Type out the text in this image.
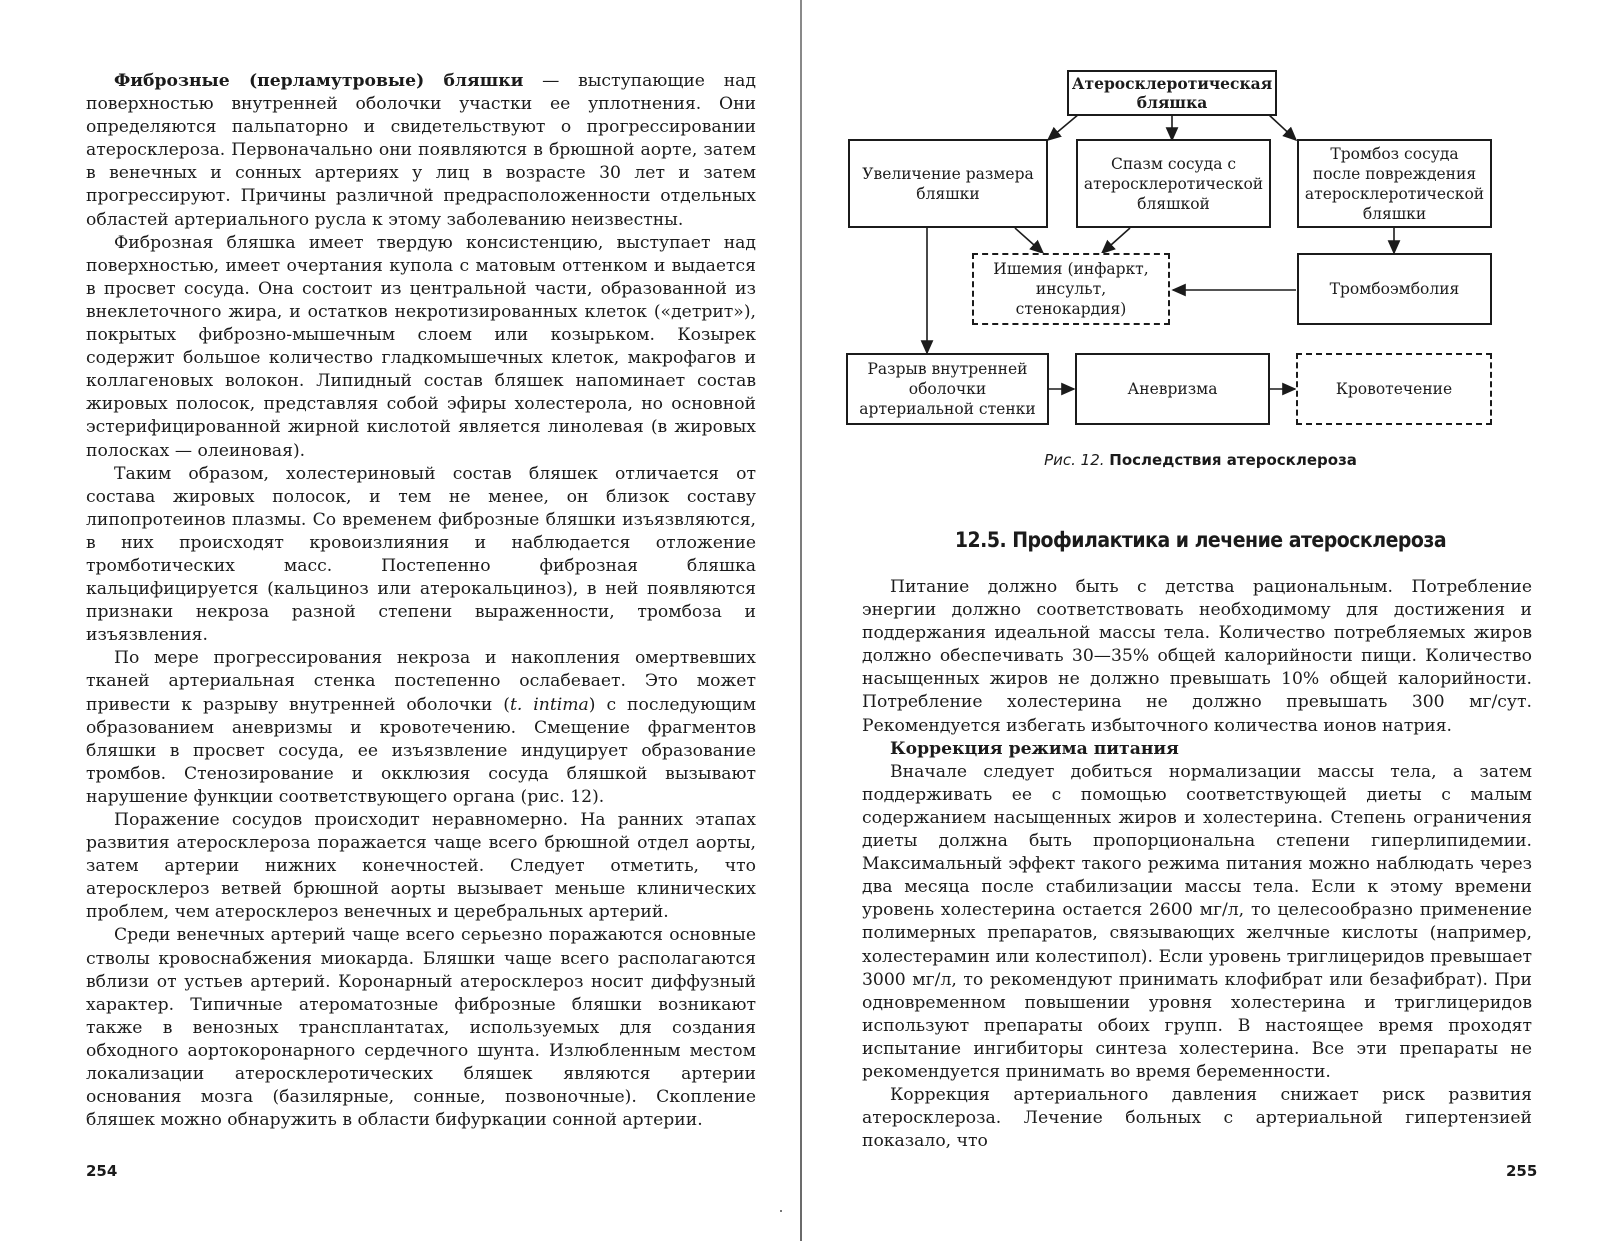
Фиброзные (перламутровые) бляшки — выступающие над поверхностью внутренней оболочки участки ее уплотнения. Они определяются пальпаторно и свидетельствуют о прогрессировании атеросклероза. Первоначально они появляются в брюшной аорте, затем в венечных и сонных артериях у лиц в возрасте 30 лет и затем прогрессируют. Причины различной предрасположенности отдельных областей артериального русла к этому заболеванию неизвестны.

Фиброзная бляшка имеет твердую консистенцию, выступает над поверхностью, имеет очертания купола с матовым оттенком и выдается в просвет сосуда. Она состоит из центральной части, образованной из внеклеточного жира, и остатков некротизированных клеток («детрит»), покрытых фиброзно-мышечным слоем или козырьком. Козырек содержит большое количество гладкомышечных клеток, макрофагов и коллагеновых волокон. Липидный состав бляшек напоминает состав жировых полосок, представляя собой эфиры холестерола, но основной эстерифицированной жирной кислотой является линолевая (в жировых полосках — олеиновая).

Таким образом, холестериновый состав бляшек отличается от состава жировых полосок, и тем не менее, он близок составу липопротеинов плазмы. Со временем фиброзные бляшки изъязвляются, в них происходят кровоизлияния и наблюдается отложение тромботических масс. Постепенно фиброзная бляшка кальцифицируется (кальциноз или атерокальциноз), в ней появляются признаки некроза разной степени выраженности, тромбоза и изъязвления.

По мере прогрессирования некроза и накопления омертвевших тканей артериальная стенка постепенно ослабевает. Это может привести к разрыву внутренней оболочки (t. intima) с последующим образованием аневризмы и кровотечению. Смещение фрагментов бляшки в просвет сосуда, ее изъязвление индуцирует образование тромбов. Стенозирование и окклюзия сосуда бляшкой вызывают нарушение функции соответствующего органа (рис. 12).

Поражение сосудов происходит неравномерно. На ранних этапах развития атеросклероза поражается чаще всего брюшной отдел аорты, затем артерии нижних конечностей. Следует отметить, что атеросклероз ветвей брюшной аорты вызывает меньше клинических проблем, чем атеросклероз венечных и церебральных артерий.

Среди венечных артерий чаще всего серьезно поражаются основные стволы кровоснабжения миокарда. Бляшки чаще всего располагаются вблизи от устьев артерий. Коронарный атеросклероз носит диффузный характер. Типичные атероматозные фиброзные бляшки возникают также в венозных трансплантатах, используемых для создания обходного аортокоронарного сердечного шунта. Излюбленным местом локализации атеросклеротических бляшек являются артерии основания мозга (базилярные, сонные, позвоночные). Скопление бляшек можно обнаружить в области бифуркации сонной артерии.

254
Атеросклеротическая бляшка
Увеличение размера бляшки
Спазм сосуда с атеросклеротической бляшкой
Тромбоз сосуда после повреждения атеросклеротической бляшки
Ишемия (инфаркт, инсульт, стенокардия)
Тромбоэмболия
Разрыв внутренней оболочки артериальной стенки
Аневризма	Кровотечение
Рис. 12. Последствия атеросклероза
12.5. Профилактика и лечение атеросклероза

Питание должно быть с детства рациональным. Потребление энергии должно соответствовать необходимому для достижения и поддержания идеальной массы тела. Количество потребляемых жиров должно обеспечивать 30—35% общей калорийности пищи. Количество насыщенных жиров не должно превышать 10% общей калорийности. Потребление холестерина не должно превышать 300 мг/сут. Рекомендуется избегать избыточного количества ионов натрия.

Коррекция режима питания

Вначале следует добиться нормализации массы тела, а затем поддерживать ее с помощью соответствующей диеты с малым содержанием насыщенных жиров и холестерина. Степень ограничения диеты должна быть пропорциональна степени гиперлипидемии. Максимальный эффект такого режима питания можно наблюдать через два месяца после стабилизации массы тела. Если к этому времени уровень холестерина остается 2600 мг/л, то целесообразно применение полимерных препаратов, связывающих желчные кислоты (например, холестерамин или колестипол). Если уровень триглицеридов превышает 3000 мг/л, то рекомендуют принимать клофибрат или безафибрат). При одновременном повышении уровня холестерина и триглицеридов используют препараты обоих групп. В настоящее время проходят испытание ингибиторы синтеза холестерина. Все эти препараты не рекомендуется принимать во время беременности.

Коррекция артериального давления снижает риск развития атеросклероза. Лечение больных с артериальной гипертензией показало, что

255
